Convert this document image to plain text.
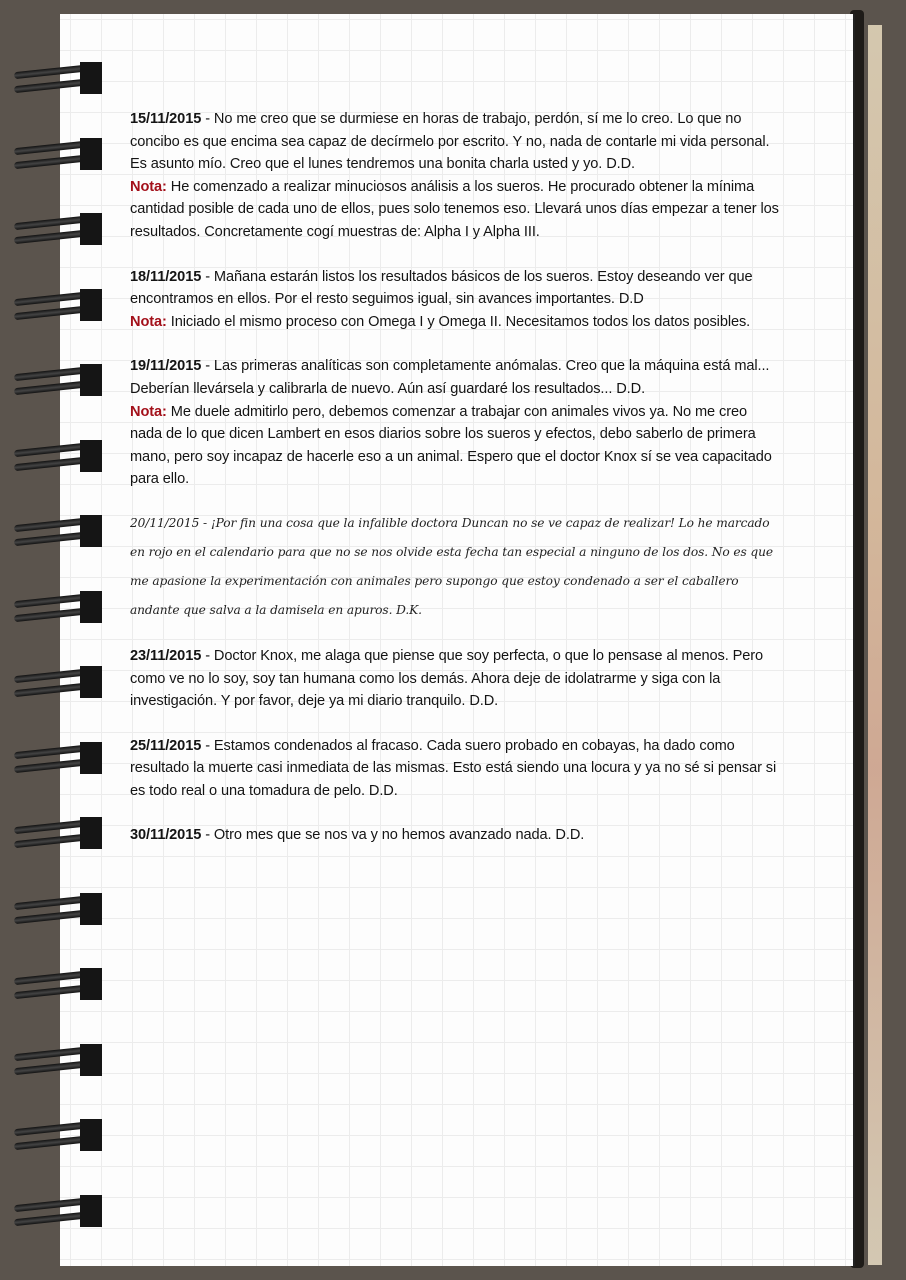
15/11/2015 - No me creo que se durmiese en horas de trabajo, perdón, sí me lo creo. Lo que no concibo es que encima sea capaz de decírmelo por escrito. Y no, nada de contarle mi vida personal. Es asunto mío. Creo que el lunes tendremos una bonita charla usted y yo. D.D.
Nota: He comenzado a realizar minuciosos análisis a los sueros. He procurado obtener la mínima cantidad posible de cada uno de ellos, pues solo tenemos eso. Llevará unos días empezar a tener los resultados. Concretamente cogí muestras de: Alpha I y Alpha III.

18/11/2015 - Mañana estarán listos los resultados básicos de los sueros. Estoy deseando ver que encontramos en ellos. Por el resto seguimos igual, sin avances importantes. D.D
Nota: Iniciado el mismo proceso con Omega I y Omega II. Necesitamos todos los datos posibles.

19/11/2015 - Las primeras analíticas son completamente anómalas. Creo que la máquina está mal... Deberían llevársela y calibrarla de nuevo. Aún así guardaré los resultados... D.D.
Nota: Me duele admitirlo pero, debemos comenzar a trabajar con animales vivos ya. No me creo nada de lo que dicen Lambert en esos diarios sobre los sueros y efectos, debo saberlo de primera mano, pero soy incapaz de hacerle eso a un animal. Espero que el doctor Knox sí se vea capacitado para ello.

20/11/2015 - ¡Por fin una cosa que la infalible doctora Duncan no se ve capaz de realizar! Lo he marcado en rojo en el calendario para que no se nos olvide esta fecha tan especial a ninguno de los dos. No es que me apasione la experimentación con animales pero supongo que estoy condenado a ser el caballero andante que salva a la damisela en apuros. D.K.

23/11/2015 - Doctor Knox, me alaga que piense que soy perfecta, o que lo pensase al menos. Pero como ve no lo soy, soy tan humana como los demás. Ahora deje de idolatrarme y siga con la investigación. Y por favor, deje ya mi diario tranquilo. D.D.

25/11/2015 - Estamos condenados al fracaso. Cada suero probado en cobayas, ha dado como resultado la muerte casi inmediata de las mismas. Esto está siendo una locura y ya no sé si pensar si es todo real o una tomadura de pelo. D.D.

30/11/2015 - Otro mes que se nos va y no hemos avanzado nada. D.D.
